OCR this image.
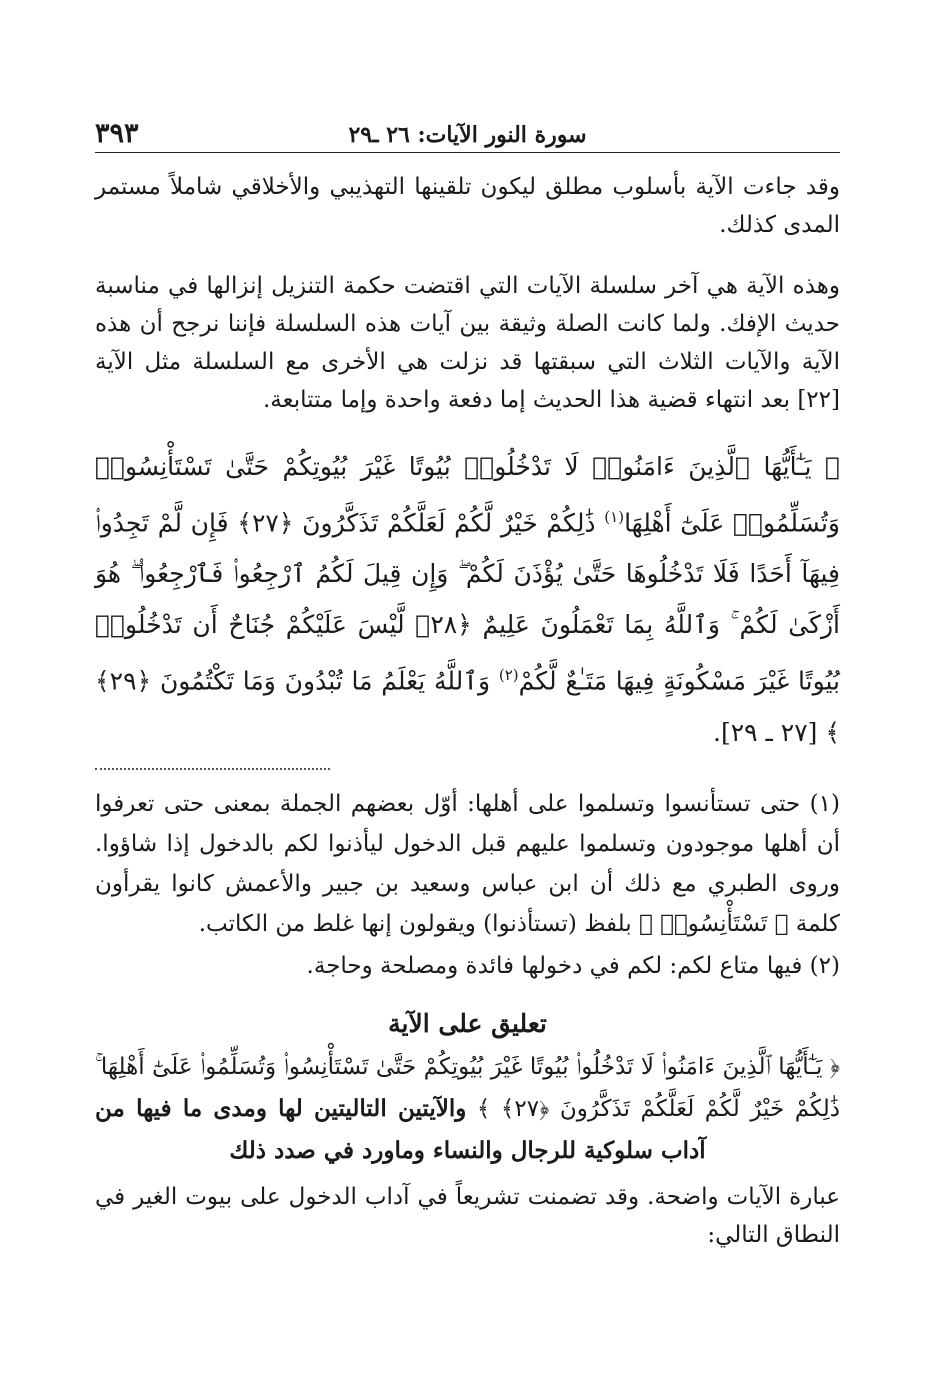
٣٩٣	سورة النور الآيات: ٢٦ ـ٢٩

وقد جاءت الآية بأسلوب مطلق ليكون تلقينها التهذيبي والأخلاقي شاملاً مستمر المدى كذلك.

وهذه الآية هي آخر سلسلة الآيات التي اقتضت حكمة التنزيل إنزالها في مناسبة حديث الإفك. ولما كانت الصلة وثيقة بين آيات هذه السلسلة فإننا نرجح أن هذه الآية والآيات الثلاث التي سبقتها قد نزلت هي الأخرى مع السلسلة مثل الآية [٢٢] بعد انتهاء قضية هذا الحديث إما دفعة واحدة وإما متتابعة.

﴿ يَـٰٓأَيُّهَا ٱلَّذِينَ ءَامَنُوا۟ لَا تَدْخُلُوا۟ بُيُوتًا غَيْرَ بُيُوتِكُمْ حَتَّىٰ تَسْتَأْنِسُوا۟ وَتُسَلِّمُوا۟ عَلَىٰٓ أَهْلِهَا$^{(١)}$ ذَٰلِكُمْ خَيْرٌ لَّكُمْ لَعَلَّكُمْ تَذَكَّرُونَ ﴿٢٧﴾ فَإِن لَّمْ تَجِدُوا۟ فِيهَآ أَحَدًا فَلَا تَدْخُلُوهَا حَتَّىٰ يُؤْذَنَ لَكُمْ ۖ وَإِن قِيلَ لَكُمُ ٱرْجِعُوا۟ فَٱرْجِعُوا۟ ۖ هُوَ أَزْكَىٰ لَكُمْ ۚ وَٱللَّهُ بِمَا تَعْمَلُونَ عَلِيمٌ ﴿٢٨﴾ لَّيْسَ عَلَيْكُمْ جُنَاحٌ أَن تَدْخُلُوا۟ بُيُوتًا غَيْرَ مَسْكُونَةٍ فِيهَا مَتَـٰعٌ لَّكُمْ$^{(٢)}$ وَٱللَّهُ يَعْلَمُ مَا تُبْدُونَ وَمَا تَكْتُمُونَ ﴿٢٩﴾ ﴾ [٢٧ ـ ٢٩].

(١) حتى تستأنسوا وتسلموا على أهلها: أوّل بعضهم الجملة بمعنى حتى تعرفوا أن أهلها موجودون وتسلموا عليهم قبل الدخول ليأذنوا لكم بالدخول إذا شاؤوا. وروى الطبري مع ذلك أن ابن عباس وسعيد بن جبير والأعمش كانوا يقرأون كلمة ﴿ تَسْتَأْنِسُوا۟ ﴾ بلفظ (تستأذنوا) ويقولون إنها غلط من الكاتب.

(٢) فيها متاع لكم: لكم في دخولها فائدة ومصلحة وحاجة.

تعليق على الآية

﴿ يَـٰٓأَيُّهَا ٱلَّذِينَ ءَامَنُوا۟ لَا تَدْخُلُوا۟ بُيُوتًا غَيْرَ بُيُوتِكُمْ حَتَّىٰ تَسْتَأْنِسُوا۟ وَتُسَلِّمُوا۟ عَلَىٰٓ أَهْلِهَا ۚ ذَٰلِكُمْ خَيْرٌ لَّكُمْ لَعَلَّكُمْ تَذَكَّرُونَ ﴿٢٧﴾ ﴾ والآيتين التاليتين لها ومدى ما فيها من آداب سلوكية للرجال والنساء وماورد في صدد ذلك

عبارة الآيات واضحة. وقد تضمنت تشريعاً في آداب الدخول على بيوت الغير في النطاق التالي:
